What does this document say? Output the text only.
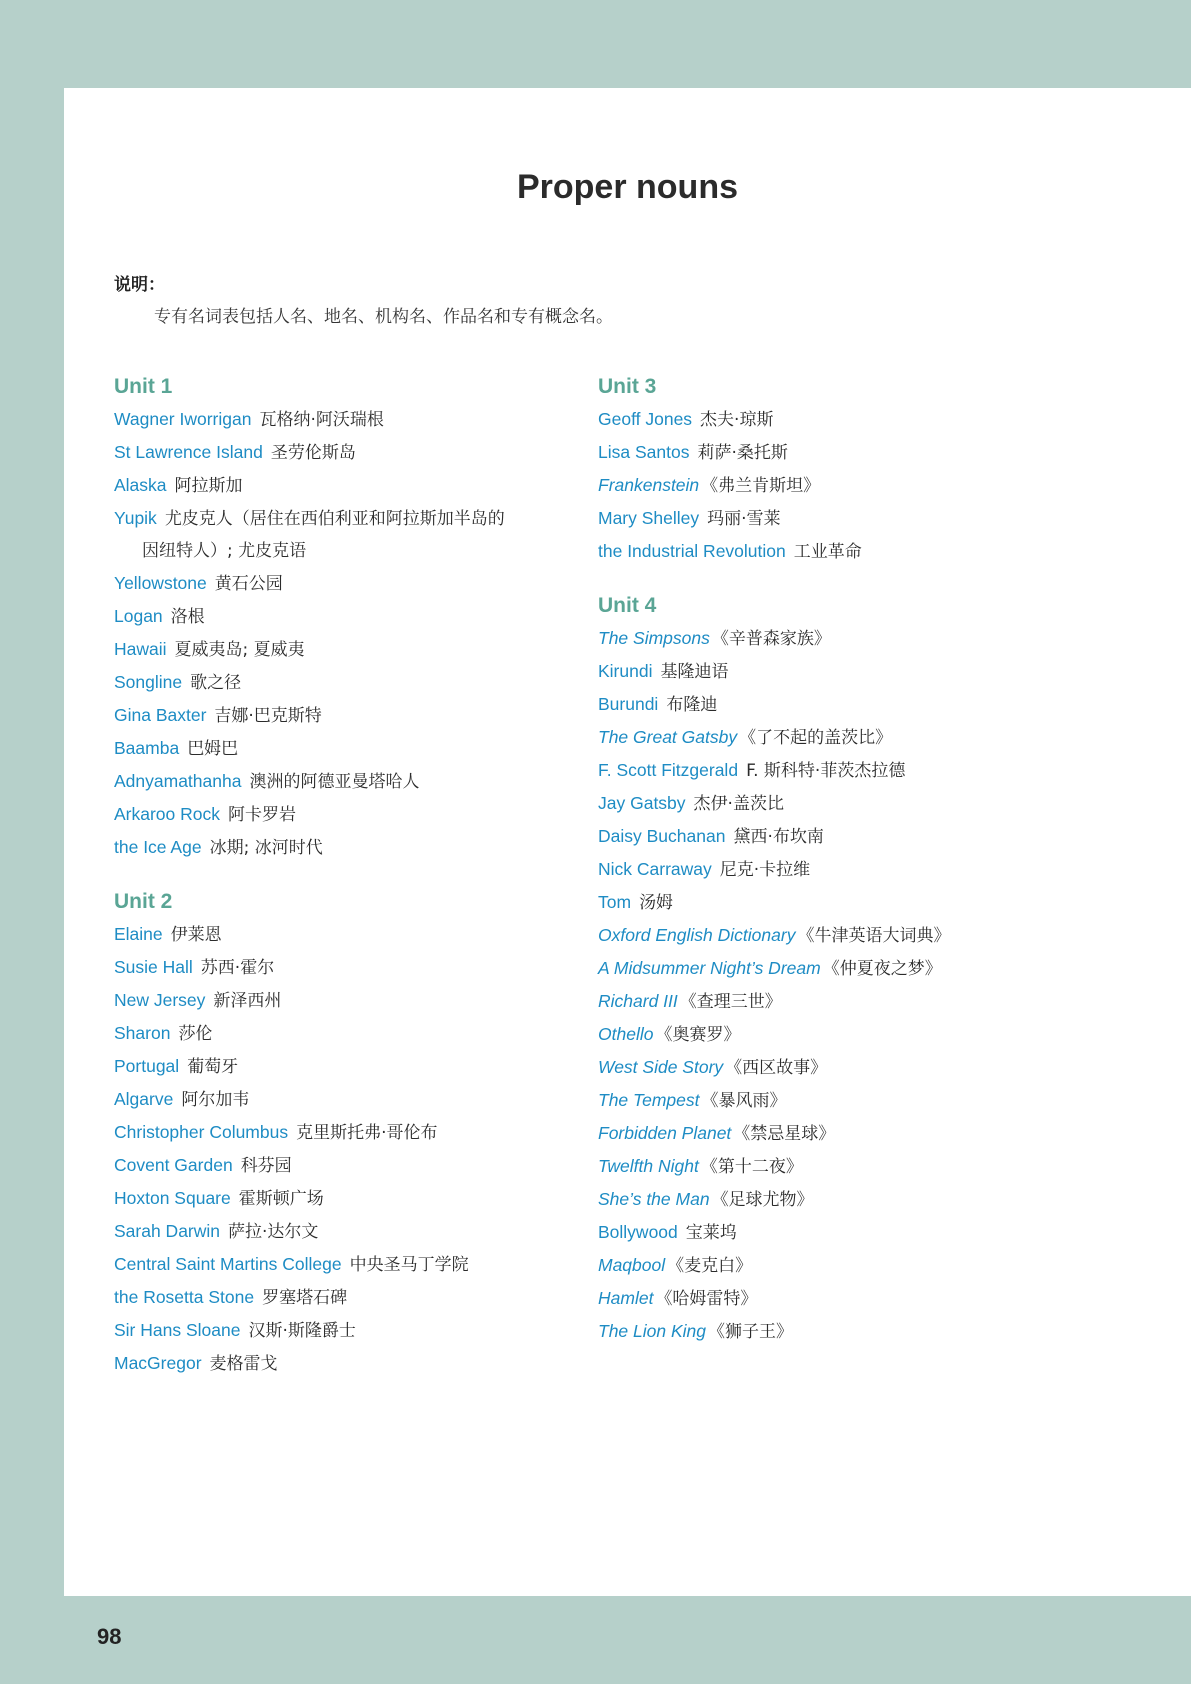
Proper nouns
说明：
专有名词表包括人名、地名、机构名、作品名和专有概念名。
Unit 1
Wagner Iworrigan 瓦格纳·阿沃瑞根
St Lawrence Island 圣劳伦斯岛
Alaska 阿拉斯加
Yupik 尤皮克人（居住在西伯利亚和阿拉斯加半岛的
因纽特人）; 尤皮克语
Yellowstone 黄石公园
Logan 洛根
Hawaii 夏威夷岛; 夏威夷
Songline 歌之径
Gina Baxter 吉娜·巴克斯特
Baamba 巴姆巴
Adnyamathanha 澳洲的阿德亚曼塔哈人
Arkaroo Rock 阿卡罗岩
the Ice Age 冰期; 冰河时代
Unit 2
Elaine 伊莱恩
Susie Hall 苏西·霍尔
New Jersey 新泽西州
Sharon 莎伦
Portugal 葡萄牙
Algarve 阿尔加韦
Christopher Columbus 克里斯托弗·哥伦布
Covent Garden 科芬园
Hoxton Square 霍斯顿广场
Sarah Darwin 萨拉·达尔文
Central Saint Martins College 中央圣马丁学院
the Rosetta Stone 罗塞塔石碑
Sir Hans Sloane 汉斯·斯隆爵士
MacGregor 麦格雷戈
Unit 3
Geoff Jones 杰夫·琼斯
Lisa Santos 莉萨·桑托斯
Frankenstein 《弗兰肯斯坦》
Mary Shelley 玛丽·雪莱
the Industrial Revolution 工业革命
Unit 4
The Simpsons 《辛普森家族》
Kirundi 基隆迪语
Burundi 布隆迪
The Great Gatsby 《了不起的盖茨比》
F. Scott Fitzgerald F. 斯科特·菲茨杰拉德
Jay Gatsby 杰伊·盖茨比
Daisy Buchanan 黛西·布坎南
Nick Carraway 尼克·卡拉维
Tom 汤姆
Oxford English Dictionary 《牛津英语大词典》
A Midsummer Night’s Dream 《仲夏夜之梦》
Richard III 《查理三世》
Othello 《奥赛罗》
West Side Story 《西区故事》
The Tempest 《暴风雨》
Forbidden Planet 《禁忌星球》
Twelfth Night 《第十二夜》
She’s the Man 《足球尤物》
Bollywood 宝莱坞
Maqbool 《麦克白》
Hamlet 《哈姆雷特》
The Lion King 《狮子王》
98
